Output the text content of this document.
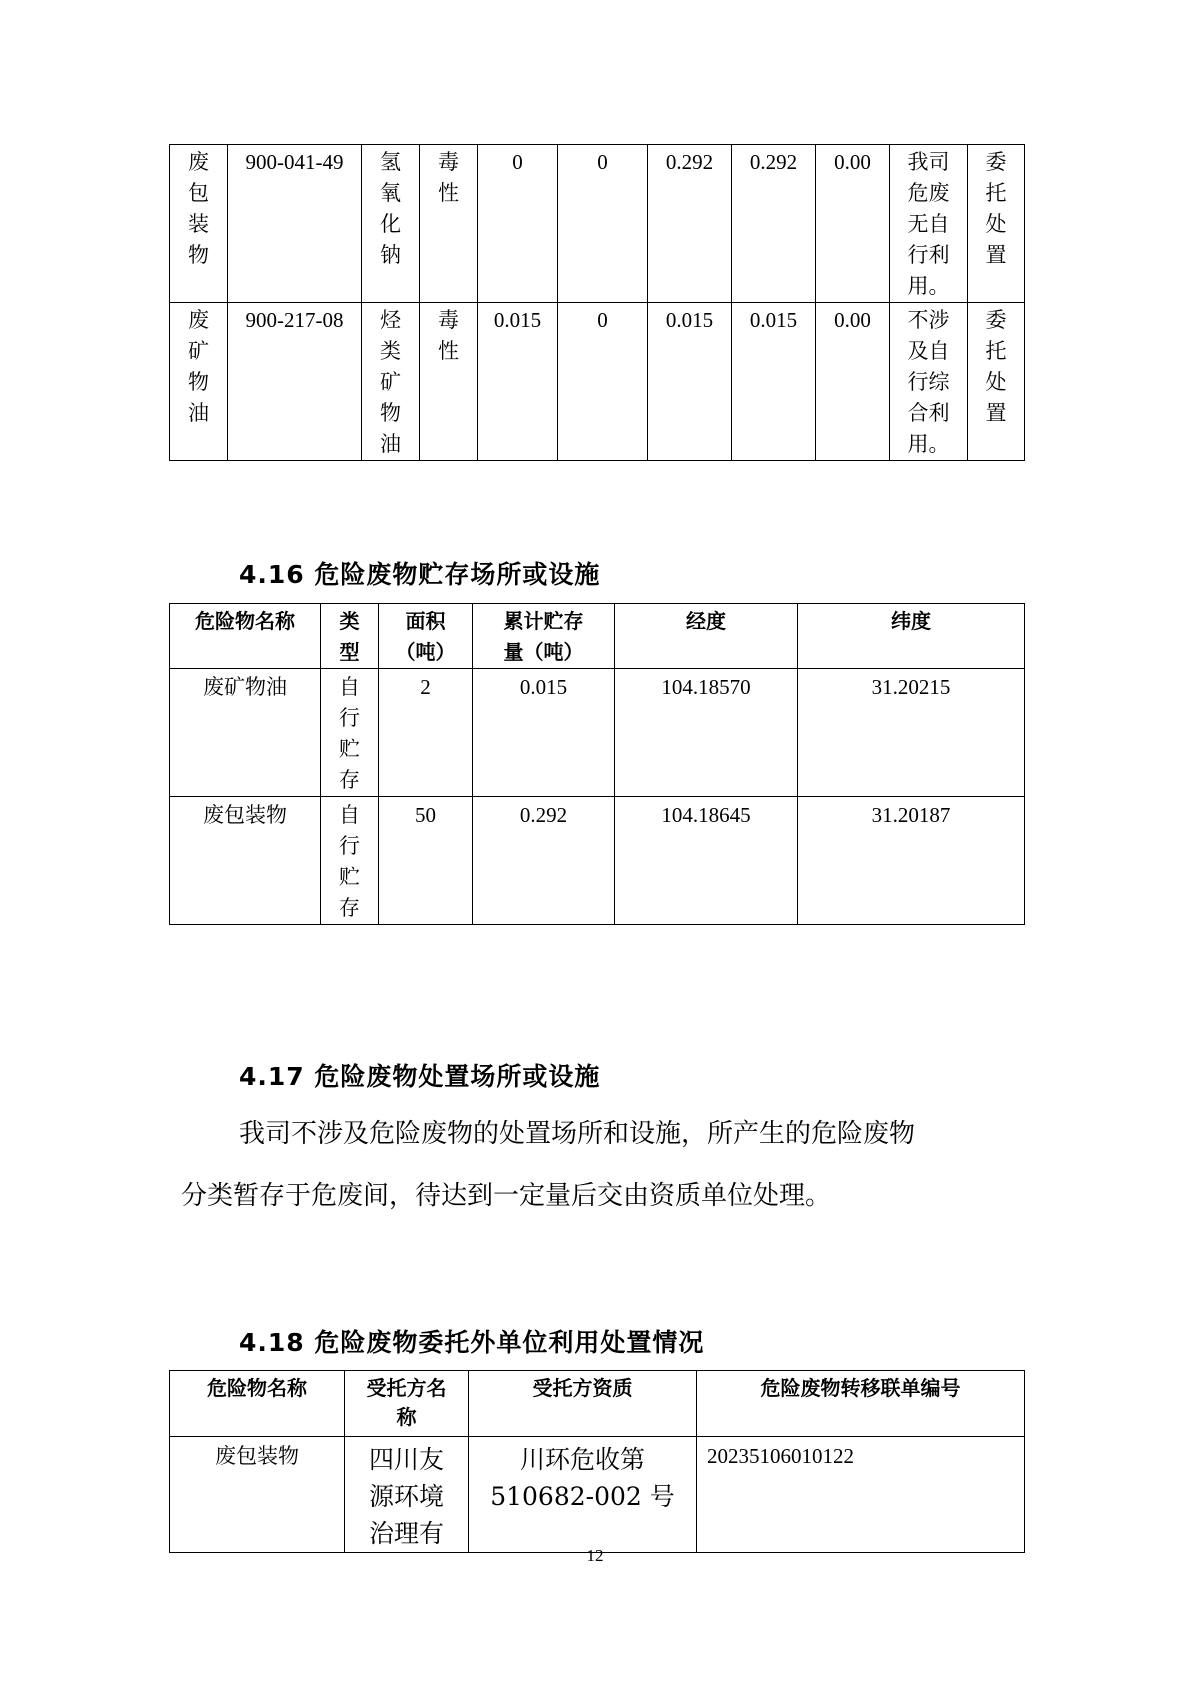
废
包
装
物	900-041-49	氢
氧
化
钠	毒
性	0	0	0.292	0.292	0.00	我司
危废
无自
行利
用。	委
托
处
置
废
矿
物
油	900-217-08	烃
类
矿
物
油	毒
性	0.015	0	0.015	0.015	0.00	不涉
及自
行综
合利
用。	委
托
处
置
4.16 危险废物贮存场所或设施
危险物名称	类
型	面积
（吨）	累计贮存
量（吨）	经度	纬度
废矿物油	自
行
贮
存	2	0.015	104.18570	31.20215
废包装物	自
行
贮
存	50	0.292	104.18645	31.20187
4.17 危险废物处置场所或设施
我司不涉及危险废物的处置场所和设施，所产生的危险废物
分类暂存于危废间，待达到一定量后交由资质单位处理。
4.18 危险废物委托外单位利用处置情况
危险物名称	受托方名
称	受托方资质	危险废物转移联单编号
废包装物	四川友
源环境
治理有	川环危收第
510682-002 号	20235106010122
12
